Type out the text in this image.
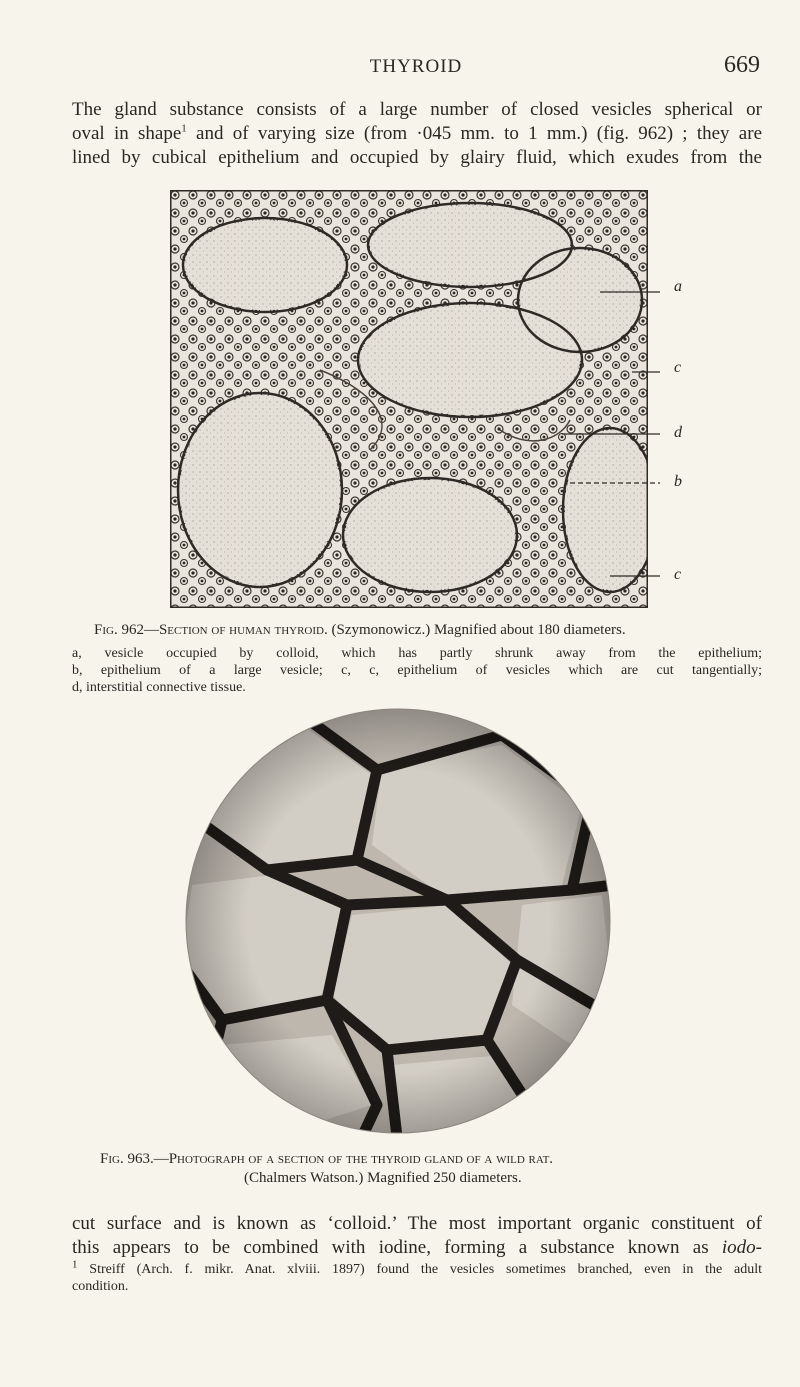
THYROID	669
The gland substance consists of a large number of closed vesicles spherical or
oval in shape$^1$ and of varying size (from ·045 mm. to 1 mm.) (fig. 962) ; they are
lined by cubical epithelium and occupied by glairy fluid, which exudes from the
a
c
d
b
c
Fig. 962—Section of human thyroid. (Szymonowicz.) Magnified about 180 diameters.
a, vesicle occupied by colloid, which has partly shrunk away from the epithelium;
b, epithelium of a large vesicle; c, c, epithelium of vesicles which are cut tangentially;
d, interstitial connective tissue.
Fig. 963.—Photograph of a section of the thyroid gland of a wild rat.
(Chalmers Watson.) Magnified 250 diameters.
cut surface and is known as ‘colloid.’ The most important organic constituent of
this appears to be combined with iodine, forming a substance known as iodo-
$^1$ Streiff (Arch. f. mikr. Anat. xlviii. 1897) found the vesicles sometimes branched, even in the adult
condition.
